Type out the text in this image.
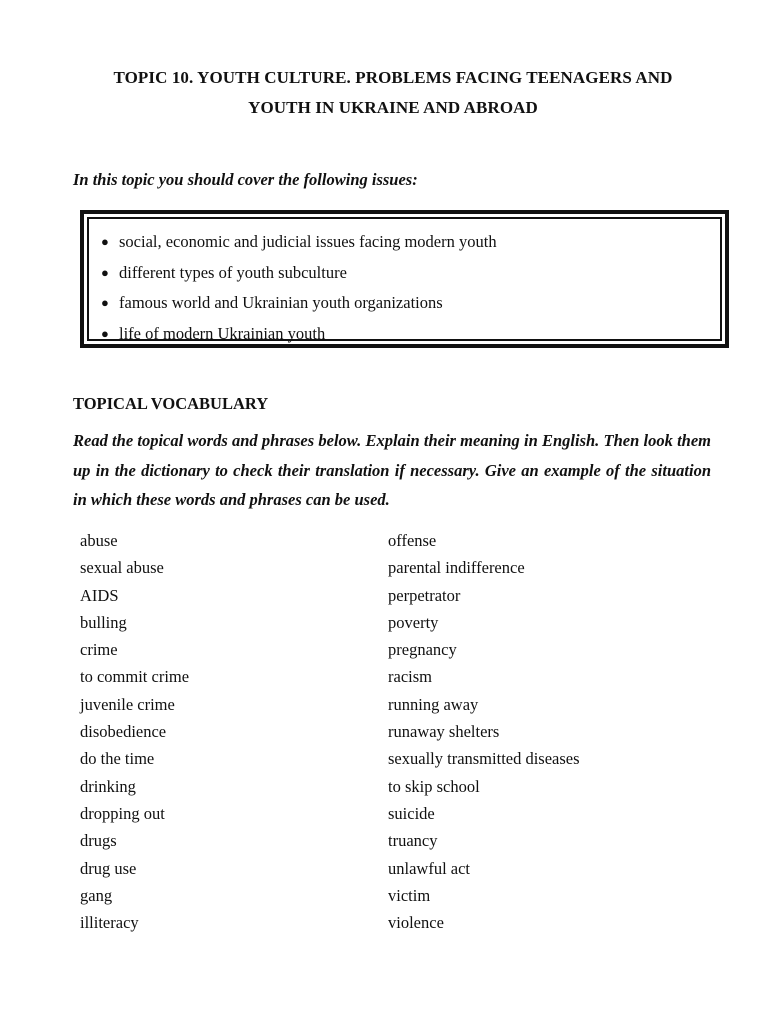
TOPIC 10. YOUTH CULTURE. PROBLEMS FACING TEENAGERS AND
YOUTH IN UKRAINE AND ABROAD
In this topic you should cover the following issues:
● social, economic and judicial issues facing modern youth
● different types of youth subculture
● famous world and Ukrainian youth organizations
● life of modern Ukrainian youth
TOPICAL VOCABULARY
Read the topical words and phrases below. Explain their meaning in English. Then look them up in the dictionary to check their translation if necessary. Give an example of the situation in which these words and phrases can be used.
abuse
sexual abuse
AIDS
bulling
crime
to commit crime
juvenile crime
disobedience
do the time
drinking
dropping out
drugs
drug use
gang
illiteracy
offense
parental indifference
perpetrator
poverty
pregnancy
racism
running away
runaway shelters
sexually transmitted diseases
to skip school
suicide
truancy
unlawful act
victim
violence
